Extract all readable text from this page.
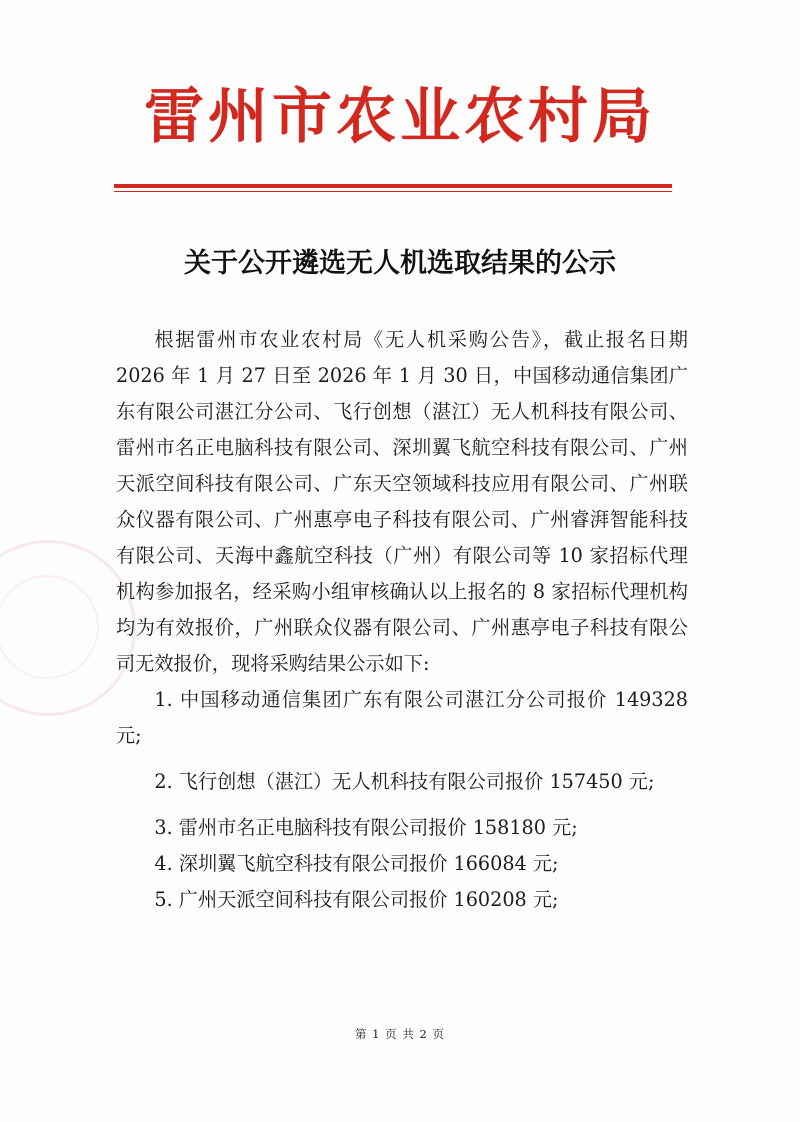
雷州市农业农村局
关于公开遴选无人机选取结果的公示

根据雷州市农业农村局《无人机采购公告》，截止报名日期 2026 年 1 月 27 日至 2026 年 1 月 30 日，中国移动通信集团广东有限公司湛江分公司、飞行创想（湛江）无人机科技有限公司、雷州市名正电脑科技有限公司、深圳翼飞航空科技有限公司、广州天派空间科技有限公司、广东天空领域科技应用有限公司、广州联众仪器有限公司、广州惠亭电子科技有限公司、广州睿湃智能科技有限公司、天海中鑫航空科技（广州）有限公司等 10 家招标代理机构参加报名，经采购小组审核确认以上报名的 8 家招标代理机构均为有效报价，广州联众仪器有限公司、广州惠亭电子科技有限公司无效报价，现将采购结果公示如下:

1. 中国移动通信集团广东有限公司湛江分公司报价 149328 元;

2. 飞行创想（湛江）无人机科技有限公司报价 157450 元;

3. 雷州市名正电脑科技有限公司报价 158180 元;

4. 深圳翼飞航空科技有限公司报价 166084 元;

5. 广州天派空间科技有限公司报价 160208 元;

第 1 页 共 2 页
